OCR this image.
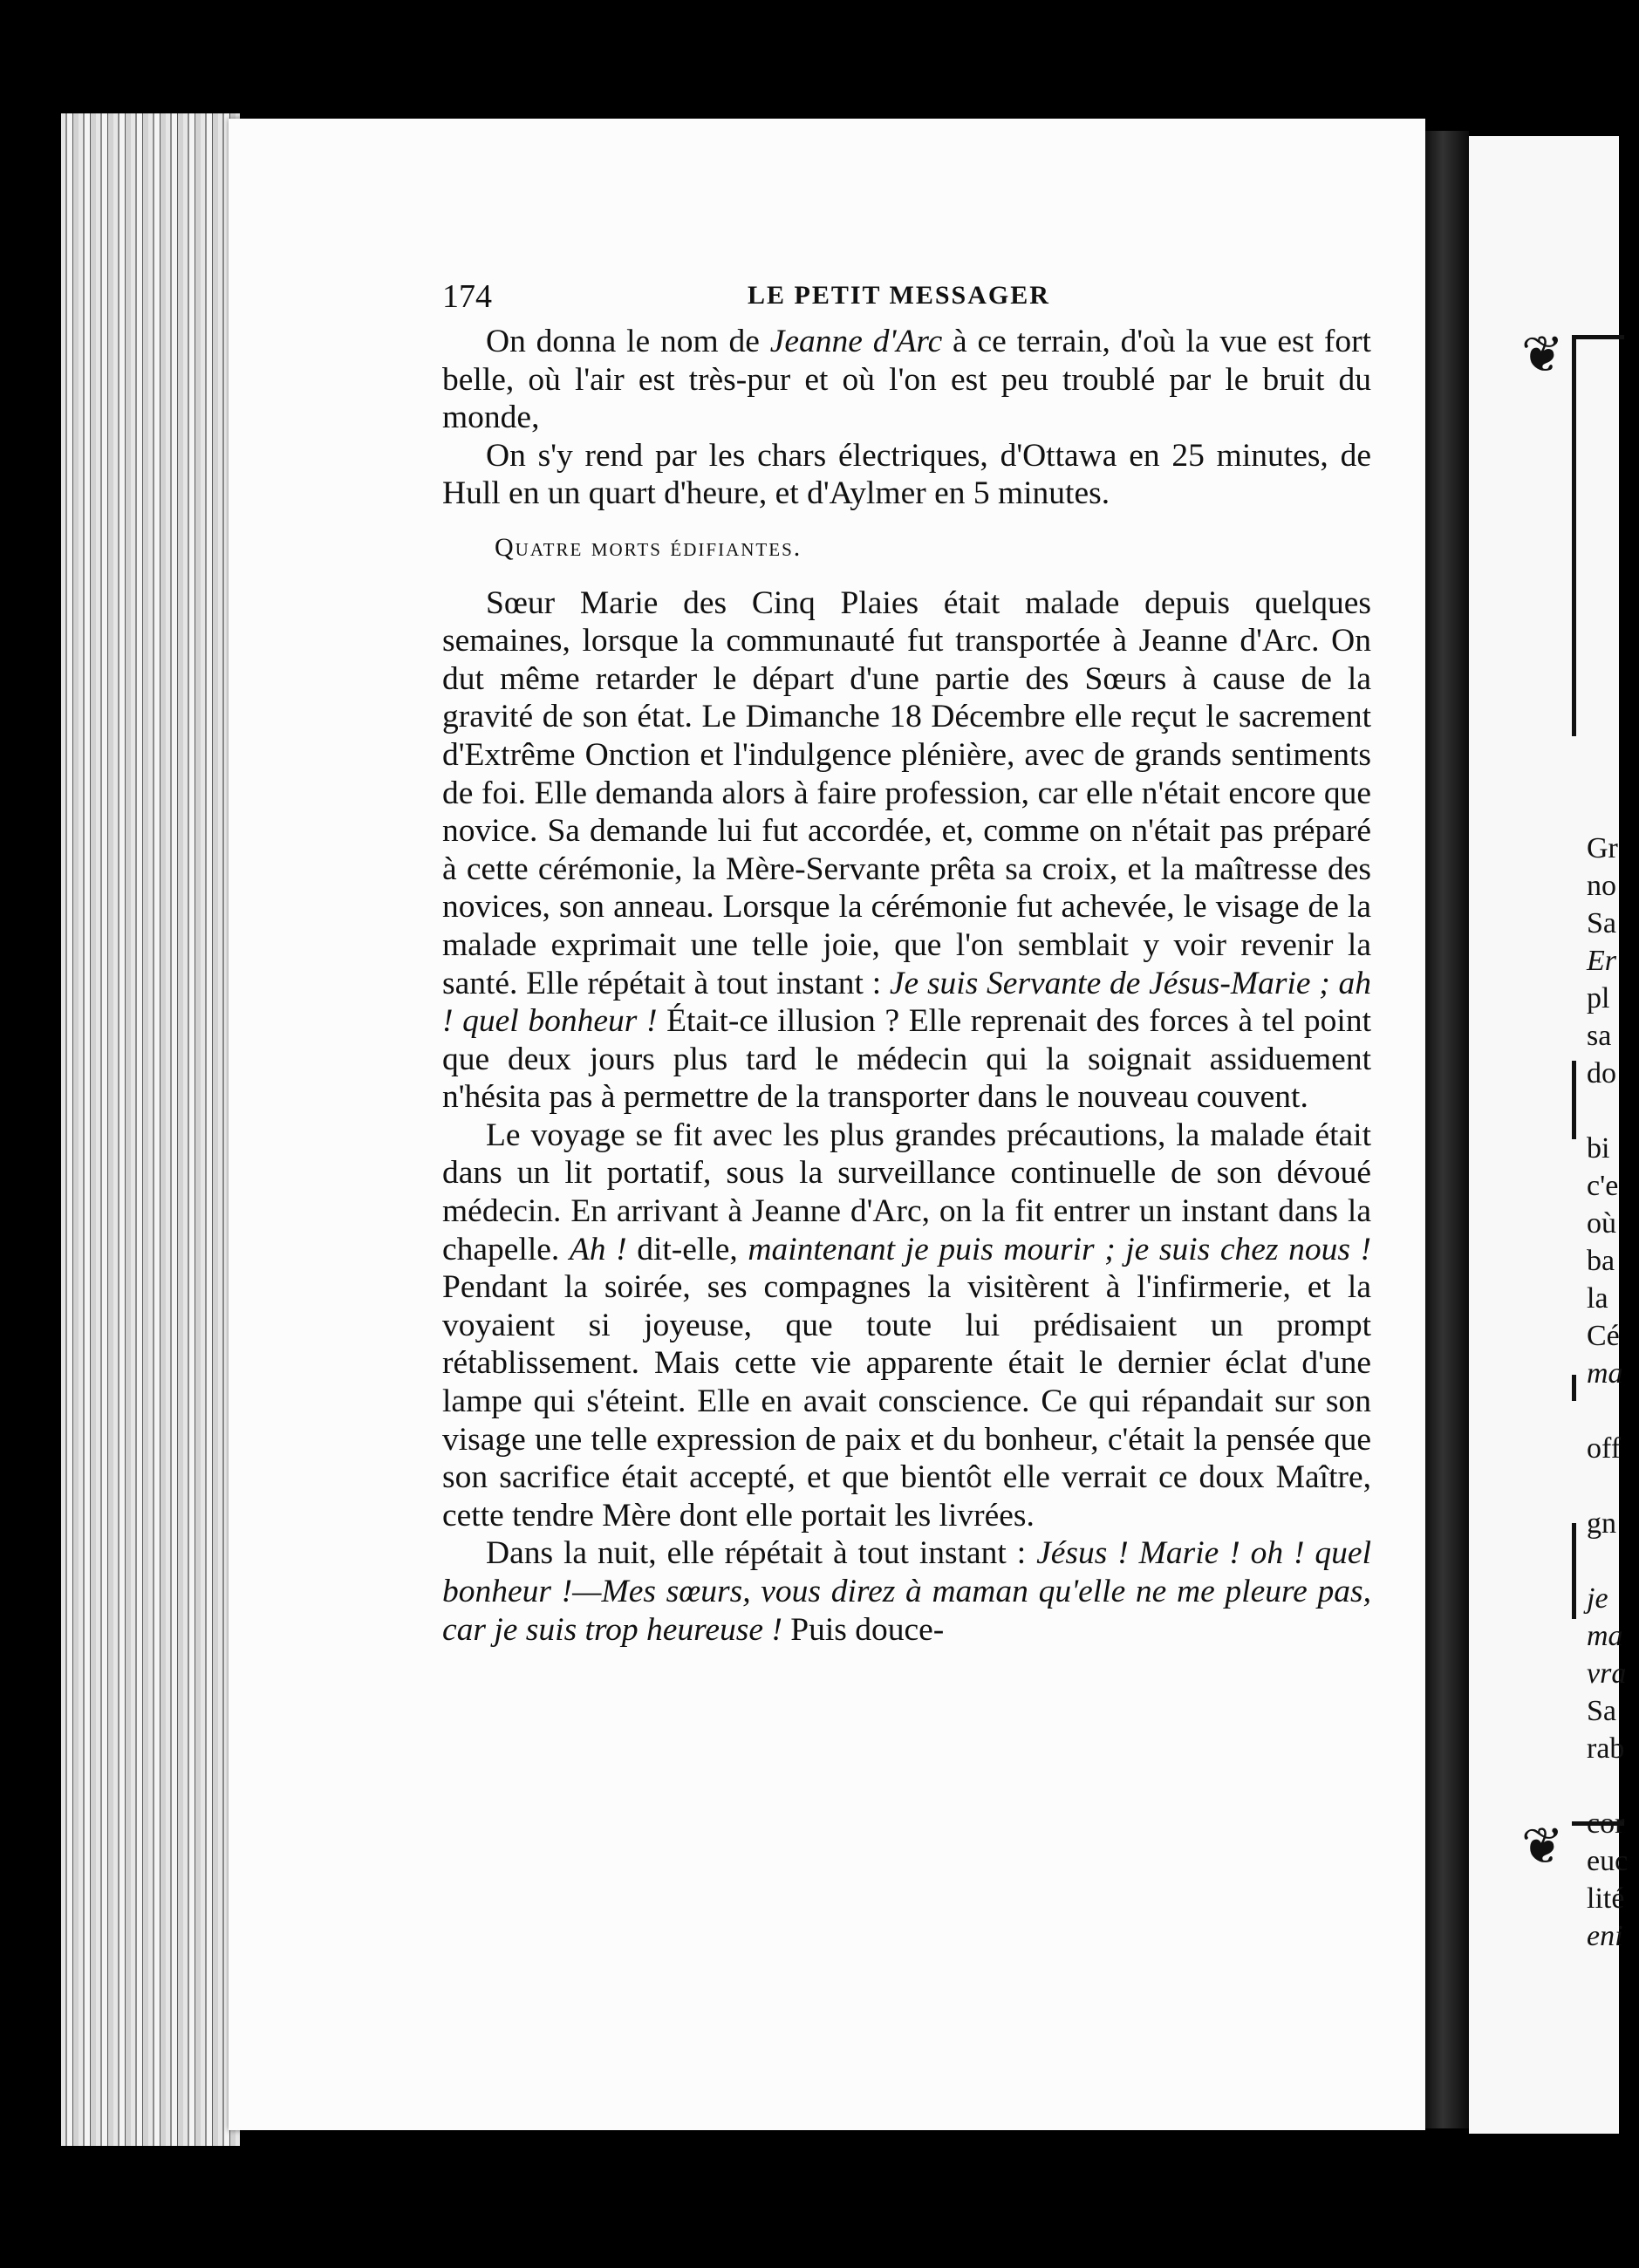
❦
❦
Gr
no
Sa
Er
pl
sa
do
bi
c'e
où
ba
la
Cé
ma
off
gn
je
ma
vra
Sa
rab
cor
euc
lité
eni
174	LE PETIT MESSAGER

On donna le nom de Jeanne d'Arc à ce terrain, d'où la vue est fort belle, où l'air est très-pur et où l'on est peu troublé par le bruit du monde,

On s'y rend par les chars électriques, d'Ottawa en 25 minutes, de Hull en un quart d'heure, et d'Aylmer en 5 minutes.

Quatre morts édifiantes.

Sœur Marie des Cinq Plaies était malade depuis quelques semaines, lorsque la communauté fut transportée à Jeanne d'Arc. On dut même retarder le départ d'une partie des Sœurs à cause de la gravité de son état. Le Dimanche 18 Décembre elle reçut le sacrement d'Extrême Onction et l'indulgence plénière, avec de grands sentiments de foi. Elle demanda alors à faire profession, car elle n'était encore que novice. Sa demande lui fut accordée, et, comme on n'était pas préparé à cette cérémonie, la Mère-Servante prêta sa croix, et la maîtresse des novices, son anneau. Lorsque la cérémonie fut achevée, le visage de la malade exprimait une telle joie, que l'on semblait y voir revenir la santé. Elle répétait à tout instant : Je suis Servante de Jésus-Marie ; ah ! quel bonheur ! Était-ce illusion ? Elle reprenait des forces à tel point que deux jours plus tard le médecin qui la soignait assiduement n'hésita pas à permettre de la transporter dans le nouveau couvent.

Le voyage se fit avec les plus grandes précautions, la malade était dans un lit portatif, sous la surveillance continuelle de son dévoué médecin. En arrivant à Jeanne d'Arc, on la fit entrer un instant dans la chapelle. Ah ! dit-elle, maintenant je puis mourir ; je suis chez nous ! Pendant la soirée, ses compagnes la visitèrent à l'infirmerie, et la voyaient si joyeuse, que toute lui prédisaient un prompt rétablissement. Mais cette vie apparente était le dernier éclat d'une lampe qui s'éteint. Elle en avait conscience. Ce qui répandait sur son visage une telle expression de paix et du bonheur, c'était la pensée que son sacrifice était accepté, et que bientôt elle verrait ce doux Maître, cette tendre Mère dont elle portait les livrées.

Dans la nuit, elle répétait à tout instant : Jésus ! Marie ! oh ! quel bonheur !—Mes sœurs, vous direz à maman qu'elle ne me pleure pas, car je suis trop heureuse ! Puis douce-
